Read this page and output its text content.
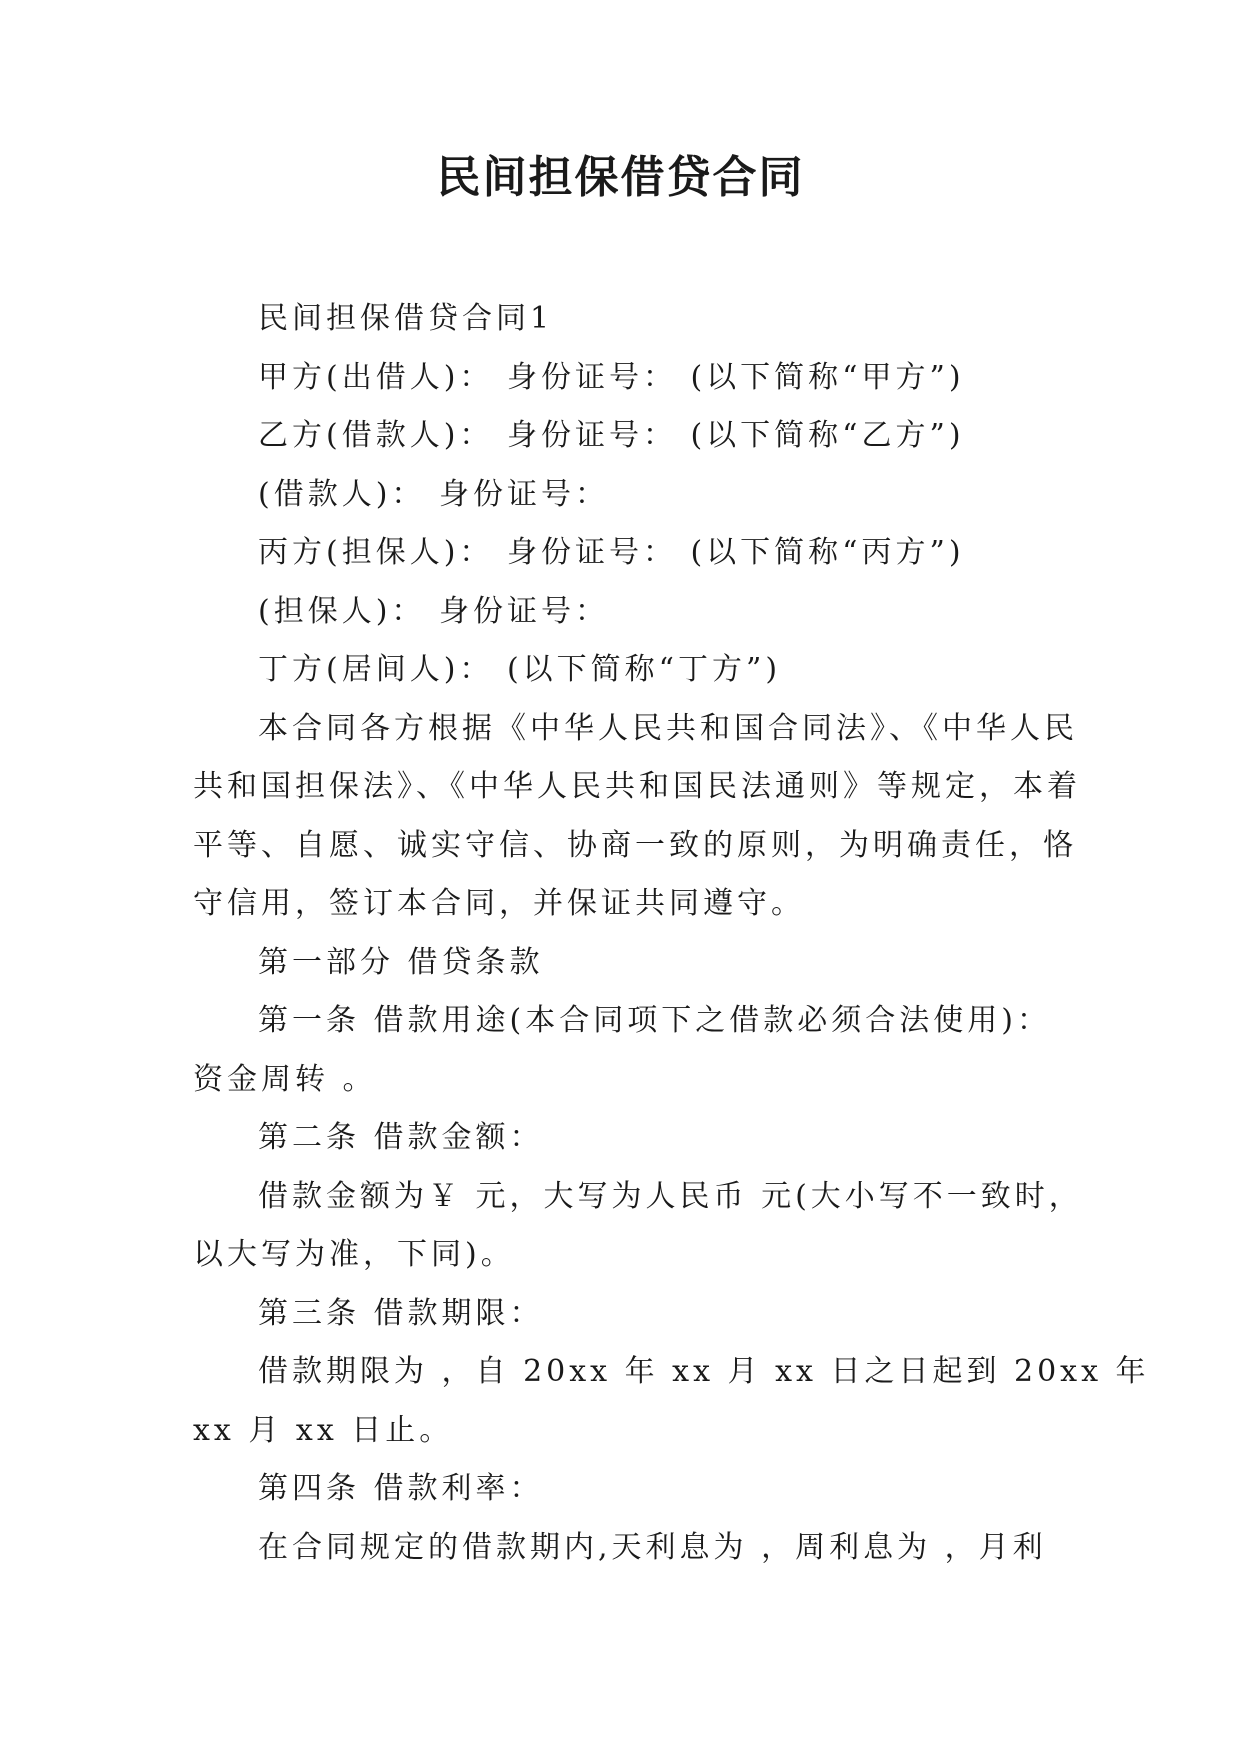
民间担保借贷合同

民间担保借贷合同1

甲方(出借人)： 身份证号： (以下简称“甲方”)

乙方(借款人)： 身份证号： (以下简称“乙方”)

(借款人)： 身份证号：

丙方(担保人)： 身份证号： (以下简称“丙方”)

(担保人)： 身份证号：

丁方(居间人)： (以下简称“丁方”)

本合同各方根据《中华人民共和国合同法》、《中华人民
共和国担保法》、《中华人民共和国民法通则》等规定，本着
平等、自愿、诚实守信、协商一致的原则，为明确责任，恪
守信用，签订本合同，并保证共同遵守。

第一部分 借贷条款

第一条 借款用途(本合同项下之借款必须合法使用)：
资金周转 。

第二条 借款金额：

借款金额为￥ 元，大写为人民币 元(大小写不一致时，
以大写为准，下同)。

第三条 借款期限：

借款期限为 ，自 20xx 年 xx 月 xx 日之日起到 20xx 年
xx 月 xx 日止。

第四条 借款利率：

在合同规定的借款期内,天利息为 ，周利息为 ，月利
